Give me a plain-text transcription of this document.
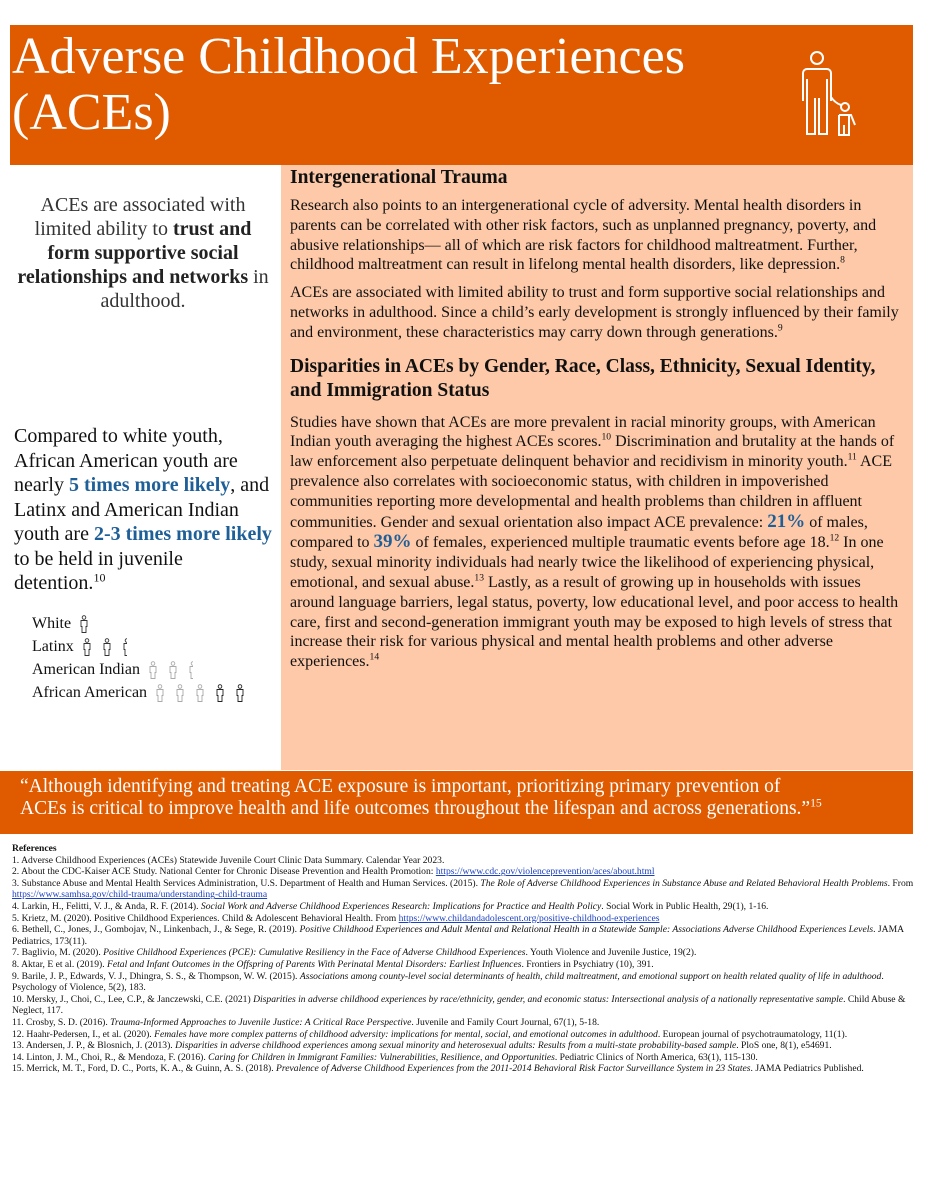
Adverse Childhood Experiences (ACEs)
ACEs are associated with limited ability to trust and form supportive social relationships and networks in adulthood.
Compared to white youth, African American youth are nearly 5 times more likely, and Latinx and American Indian youth are 2-3 times more likely to be held in juvenile detention.$^{10}$
White
Latinx
American Indian
African American
Intergenerational Trauma

Research also points to an intergenerational cycle of adversity. Mental health disorders in parents can be correlated with other risk factors, such as unplanned pregnancy, poverty, and abusive relationships— all of which are risk factors for childhood maltreatment. Further, childhood maltreatment can result in lifelong mental health disorders, like depression.$^8$

ACEs are associated with limited ability to trust and form supportive social relationships and networks in adulthood. Since a child’s early development is strongly influenced by their family and environment, these characteristics may carry down through generations.$^9$

Disparities in ACEs by Gender, Race, Class, Ethnicity, Sexual Identity, and Immigration Status

Studies have shown that ACEs are more prevalent in racial minority groups, with American Indian youth averaging the highest ACEs scores.$^{10}$ Discrimination and brutality at the hands of law enforcement also perpetuate delinquent behavior and recidivism in minority youth.$^{11}$ ACE prevalence also correlates with socioeconomic status, with children in impoverished communities reporting more developmental and health problems than children in affluent communities. Gender and sexual orientation also impact ACE prevalence: 21% of males, compared to 39% of females, experienced multiple traumatic events before age 18.12 In one study, sexual minority individuals had nearly twice the likelihood of experiencing physical, emotional, and sexual abuse.$^{13}$ Lastly, as a result of growing up in households with issues around language barriers, legal status, poverty, low educational level, and poor access to health care, first and second-generation immigrant youth may be exposed to high levels of stress that increase their risk for various physical and mental health problems and other adverse experiences.$^{14}$

“Although identifying and treating ACE exposure is important, prioritizing primary prevention of
ACEs is critical to improve health and life outcomes throughout the lifespan and across generations.”$^{15}$
References

1. Adverse Childhood Experiences (ACEs) Statewide Juvenile Court Clinic Data Summary. Calendar Year 2023.

2. About the CDC-Kaiser ACE Study. National Center for Chronic Disease Prevention and Health Promotion: https://www.cdc.gov/violenceprevention/aces/about.html

3. Substance Abuse and Mental Health Services Administration, U.S. Department of Health and Human Services. (2015). The Role of Adverse Childhood Experiences in Substance Abuse and Related Behavioral Health Problems. From https://www.samhsa.gov/child-trauma/understanding-child-trauma

4. Larkin, H., Felitti, V. J., & Anda, R. F. (2014). Social Work and Adverse Childhood Experiences Research: Implications for Practice and Health Policy. Social Work in Public Health, 29(1), 1-16.

5. Krietz, M. (2020). Positive Childhood Experiences. Child & Adolescent Behavioral Health. From https://www.childandadolescent.org/positive-childhood-experiences

6. Bethell, C., Jones, J., Gombojav, N., Linkenbach, J., & Sege, R. (2019). Positive Childhood Experiences and Adult Mental and Relational Health in a Statewide Sample: Associations Adverse Childhood Experiences Levels. JAMA Pediatrics, 173(11).

7. Baglivio, M. (2020). Positive Childhood Experiences (PCE): Cumulative Resiliency in the Face of Adverse Childhood Experiences. Youth Violence and Juvenile Justice, 19(2).

8. Aktar, E et al. (2019). Fetal and Infant Outcomes in the Offspring of Parents With Perinatal Mental Disorders: Earliest Influences. Frontiers in Psychiatry (10), 391.

9. Barile, J. P., Edwards, V. J., Dhingra, S. S., & Thompson, W. W. (2015). Associations among county-level social determinants of health, child maltreatment, and emotional support on health related quality of life in adulthood. Psychology of Violence, 5(2), 183.

10. Mersky, J., Choi, C., Lee, C.P., & Janczewski, C.E. (2021) Disparities in adverse childhood experiences by race/ethnicity, gender, and economic status: Intersectional analysis of a nationally representative sample. Child Abuse & Neglect, 117.

11. Crosby, S. D. (2016). Trauma-Informed Approaches to Juvenile Justice: A Critical Race Perspective. Juvenile and Family Court Journal, 67(1), 5-18.

12. Haahr-Pedersen, I., et al. (2020). Females have more complex patterns of childhood adversity: implications for mental, social, and emotional outcomes in adulthood. European journal of psychotraumatology, 11(1).

13. Andersen, J. P., & Blosnich, J. (2013). Disparities in adverse childhood experiences among sexual minority and heterosexual adults: Results from a multi-state probability-based sample. PloS one, 8(1), e54691.

14. Linton, J. M., Choi, R., & Mendoza, F. (2016). Caring for Children in Immigrant Families: Vulnerabilities, Resilience, and Opportunities. Pediatric Clinics of North America, 63(1), 115-130.

15. Merrick, M. T., Ford, D. C., Ports, K. A., & Guinn, A. S. (2018). Prevalence of Adverse Childhood Experiences from the 2011-2014 Behavioral Risk Factor Surveillance System in 23 States. JAMA Pediatrics Published.
